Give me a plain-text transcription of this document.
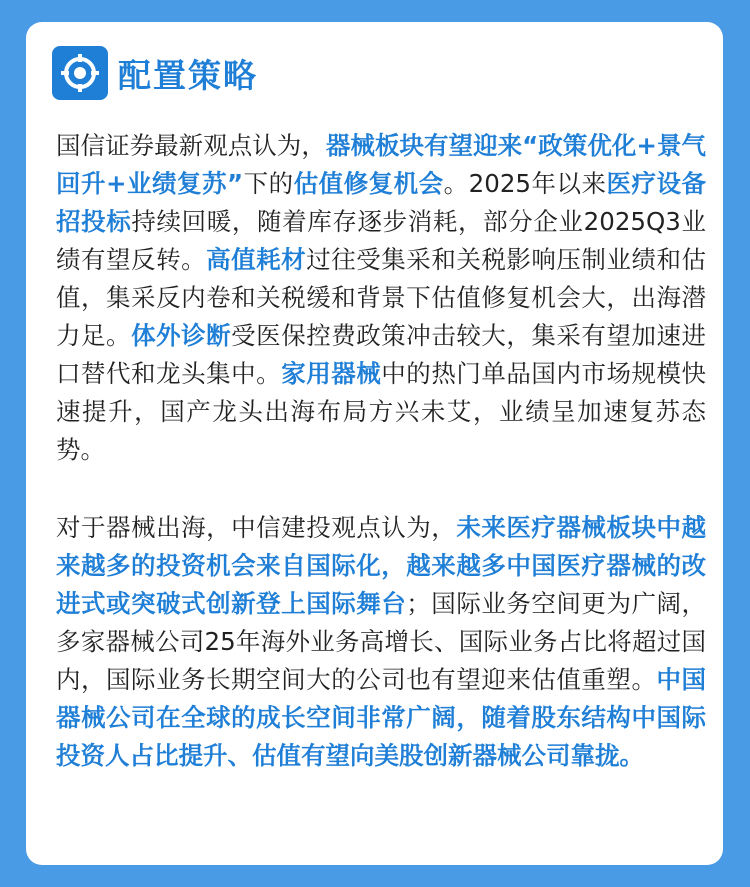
配置策略

国信证券最新观点认为，器械板块有望迎来“政策优化+景气回升+业绩复苏”下的估值修复机会。2025年以来医疗设备招投标持续回暖，随着库存逐步消耗，部分企业2025Q3业绩有望反转。高值耗材过往受集采和关税影响压制业绩和估值，集采反内卷和关税缓和背景下估值修复机会大，出海潜力足。体外诊断受医保控费政策冲击较大，集采有望加速进口替代和龙头集中。家用器械中的热门单品国内市场规模快速提升，国产龙头出海布局方兴未艾，业绩呈加速复苏态势。

对于器械出海，中信建投观点认为，未来医疗器械板块中越来越多的投资机会来自国际化，越来越多中国医疗器械的改进式或突破式创新登上国际舞台；国际业务空间更为广阔，多家器械公司25年海外业务高增长、国际业务占比将超过国内，国际业务长期空间大的公司也有望迎来估值重塑。中国器械公司在全球的成长空间非常广阔，随着股东结构中国际投资人占比提升、估值有望向美股创新器械公司靠拢。
